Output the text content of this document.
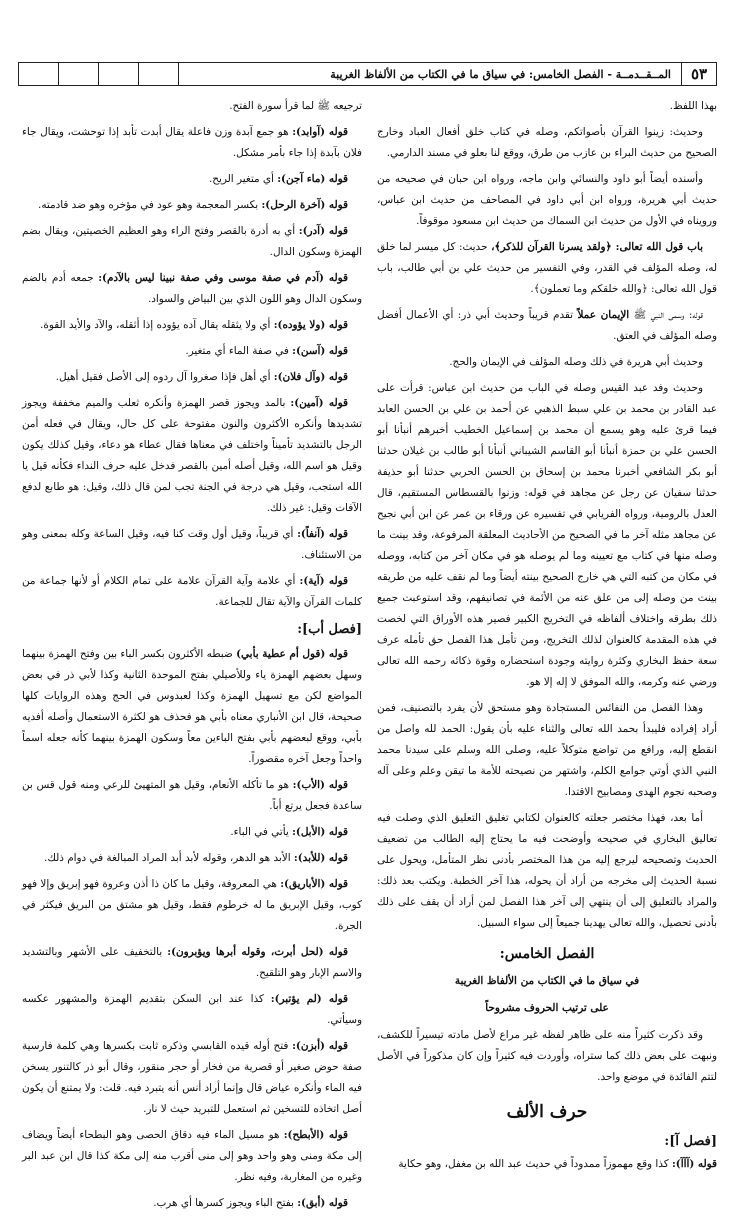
٥٣
المــقــدمــة - الفصل الخامس: في سياق ما في الكتاب من الألفاظ الغريبة

بهذا اللفظ.

وحديث: زينوا القرآن بأصواتكم، وصله في كتاب خلق أفعال العباد وخارج الصحيح من حديث البراء بن عازب من طرق، ووقع لنا بعلو في مسند الدارمي.

وأسنده أيضاً أبو داود والنسائي وابن ماجه، ورواه ابن حبان في صحيحه من حديث أبي هريرة، ورواه ابن أبي داود في المصاحف من حديث ابن عباس، ورويناه في الأول من حديث ابن السماك من حديث ابن مسعود موقوفاً.

باب قول الله تعالى: ﴿ولقد يسرنا القرآن للذكر﴾، حديث: كل ميسر لما خلق له، وصله المؤلف في القدر، وفي التفسير من حديث علي بن أبي طالب، باب قول الله تعالى: ﴿والله خلقكم وما تعملون﴾.

قوله: وسمى النبي ﷺ الإيمان عملاً تقدم قريباً وحديث أبي ذر: أي الأعمال أفضل وصله المؤلف في العتق.

وحديث أبي هريرة في ذلك وصله المؤلف في الإيمان والحج.

وحديث وفد عبد القيس وصله في الباب من حديث ابن عباس: قرأت على عبد القادر بن محمد بن علي سبط الذهبي عن أحمد بن علي بن الحسن العابد فيما قرئ عليه وهو يسمع أن محمد بن إسماعيل الخطيب أخبرهم أنبأنا أبو الحسن علي بن حمزة أنبأنا أبو القاسم الشيباني أنبأنا أبو طالب بن غيلان حدثنا أبو بكر الشافعي أخبرنا محمد بن إسحاق بن الحسن الحربي حدثنا أبو حذيفة حدثنا سفيان عن رجل عن مجاهد في قوله: وزنوا بالقسطاس المستقيم، قال العدل بالرومية، ورواه الفريابي في تفسيره عن ورقاء بن عمر عن ابن أبي نجيح عن مجاهد مثله آخر ما في الصحيح من الأحاديث المعلقة المرفوعة، وقد بينت ما وصله منها في كتاب مع تعيينه وما لم يوصله هو في مكان آخر من كتابه، ووصله في مكان من كتبه التي هي خارج الصحيح بينته أيضاً وما لم نقف عليه من طريقه بينت من وصله إلى من علق عنه من الأئمة في تصانيفهم، وقد استوعبت جميع ذلك بطرقه واختلاف ألفاظه في التخريج الكبير فصير هذه الأوراق التي لخصت في هذه المقدمة كالعنوان لذلك التخريج، ومن تأمل هذا الفصل حق تأمله عرف سعة حفظ البخاري وكثرة روايته وجودة استحضاره وقوة ذكائه رحمه الله تعالى ورضي عنه وكرمه، والله الموفق لا إله إلا هو.

وهذا الفصل من النفائس المستجادة وهو مستحق لأن يفرد بالتصنيف، فمن أراد إفراده فليبدأ بحمد الله تعالى والثناء عليه بأن يقول: الحمد لله واصل من انقطع إليه، ورافع من تواضع متوكلاً عليه، وصلى الله وسلم على سيدنا محمد النبي الذي أوتي جوامع الكلم، واشتهر من نصيحته للأمة ما تيقن وعلم وعلى آله وصحبه نجوم الهدى ومصابيح الاقتدا.

أما بعد، فهذا مختصر جعلته كالعنوان لكتابي تغليق التعليق الذي وصلت فيه تعاليق البخاري في صحيحه وأوضحت فيه ما يحتاج إليه الطالب من تضعيف الحديث وتصحيحه ليرجع إليه من هذا المختصر بأدنى نظر المتأمل، ويحول على نسبة الحديث إلى مخرجه من أراد أن يحوله، هذا آخر الخطبة. ويكتب بعد ذلك: والمراد بالتعليق إلى أن ينتهي إلى آخر هذا الفصل لمن أراد أن يقف على ذلك بأدنى تحصيل، والله تعالى يهدينا جميعاً إلى سواء السبيل.

الفصل الخامس:
في سياق ما في الكتاب من الألفاظ الغريبة
على ترتيب الحروف مشروحاً

وقد ذكرت كثيراً منه على ظاهر لفظه غير مراع لأصل مادته تيسيراً للكشف، ونبهت على بعض ذلك كما ستراه، وأوردت فيه كثيراً وإن كان مذكوراً في الأصل لتتم الفائدة في موضع واحد.

حرف الألف
[فصل آ]:

قوله (آآآ): كذا وقع مهموزاً ممدوداً في حديث عبد الله بن مغفل، وهو حكاية

ترجيعه ﷺ لما قرأ سورة الفتح.

قوله (آوابد): هو جمع آبدة وزن فاعلة يقال أبدت تأبد إذا توحشت، ويقال جاء فلان بآبدة إذا جاء بأمر مشكل.

قوله (ماء آجن): أي متغير الريح.

قوله (آخرة الرحل): بكسر المعجمة وهو عود في مؤخره وهو ضد قادمته.

قوله (آدر): أي به أدرة بالقصر وفتح الراء وهو العظيم الخصيتين، ويقال بضم الهمزة وسكون الدال.

قوله (آدم في صفة موسى وفي صفة نبينا ليس بالآدم): جمعه أدم بالضم وسكون الدال وهو اللون الذي بين البياض والسواد.

قوله (ولا يؤوده): أي ولا يثقله يقال آده يؤوده إذا أثقله، والآد والأيد القوة.

قوله (آسن): في صفة الماء أي متغير.

قوله (وآل فلان): أي أهل فإذا صغروا آل ردوه إلى الأصل فقيل أهيل.

قوله (آمين): بالمد ويجوز قصر الهمزة وأنكره ثعلب والميم مخففة ويجوز تشديدها وأنكره الأكثرون والنون مفتوحة على كل حال، ويقال في فعله أمن الرجل بالتشديد تأميناً واختلف في معناها فقال عطاء هو دعاء، وقيل كذلك يكون وقيل هو اسم الله، وقيل أصله أمين بالقصر فدخل عليه حرف النداء فكأنه قيل يا الله استجب، وقيل هي درجة في الجنة تجب لمن قال ذلك، وقيل: هو طابع لدفع الآفات وقيل: غير ذلك.

قوله (آنفاً): أي قريباً، وقيل أول وقت كنا فيه، وقيل الساعة وكله بمعنى وهو من الاستئناف.

قوله (آية): أي علامة وآية القرآن علامة على تمام الكلام أو لأنها جماعة من كلمات القرآن والآية تقال للجماعة.

[فصل أب]:

قوله (قول أم عطية بأبي) ضبطه الأكثرون بكسر الباء بين وفتح الهمزة بينهما وسهل بعضهم الهمزة ياء وللأصيلي بفتح الموحدة الثانية وكذا لأبي ذر في بعض المواضع لكن مع تسهيل الهمزة وكذا لعبدوس في الحج وهذه الروايات كلها صحيحة، قال ابن الأنباري معناه بأبي هو فحذف هو لكثرة الاستعمال وأصله أفديه بأبي، ووقع لبعضهم بأبي بفتح الباءين معاً وسكون الهمزة بينهما كأنه جعله اسماً واحداً وجعل آخره مقصوراً.

قوله (الأب): هو ما تأكله الأنعام، وقيل هو المتهيئ للرعي ومنه قول قس بن ساعدة فجعل يرتع أباً.

قوله (الأبل): يأتي في الباء.

قوله (للأبد): الأبد هو الدهر، وقوله لأبد أبد المراد المبالغة في دوام ذلك.

قوله (الأباريق): هي المعروفة، وقيل ما كان ذا أذن وعروة فهو إبريق وإلا فهو كوب، وقيل الإبريق ما له خرطوم فقط، وقيل هو مشتق من البريق فيكثر في الجرة.

قوله (لحل أبرت، وقوله أبرها ويؤبرون): بالتخفيف على الأشهر وبالتشديد والاسم الإبار وهو التلقيح.

قوله (لم يؤتبر): كذا عند ابن السكن بتقديم الهمزة والمشهور عكسه وسيأتي.

قوله (أبزن): فتح أوله قيده القابسي وذكره ثابت بكسرها وهي كلمة فارسية صفة حوض صغير أو قصرية من فخار أو حجر منقور، وقال أبو ذر كالتنور يسخن فيه الماء وأنكره عياض قال وإنما أراد أنس أنه يتبرد فيه. قلت: ولا يمتنع أن يكون أصل اتخاذه للتسخين ثم استعمل للتبريد حيث لا نار.

قوله (الأبطح): هو مسيل الماء فيه دقاق الحصى وهو البطحاء أيضاً ويضاف إلى مكة ومنى وهو واحد وهو إلى منى أقرب منه إلى مكة كذا قال ابن عبد البر وغيره من المغاربة، وفيه نظر.

قوله (أبق): بفتح الباء ويجوز كسرها أي هرب.
